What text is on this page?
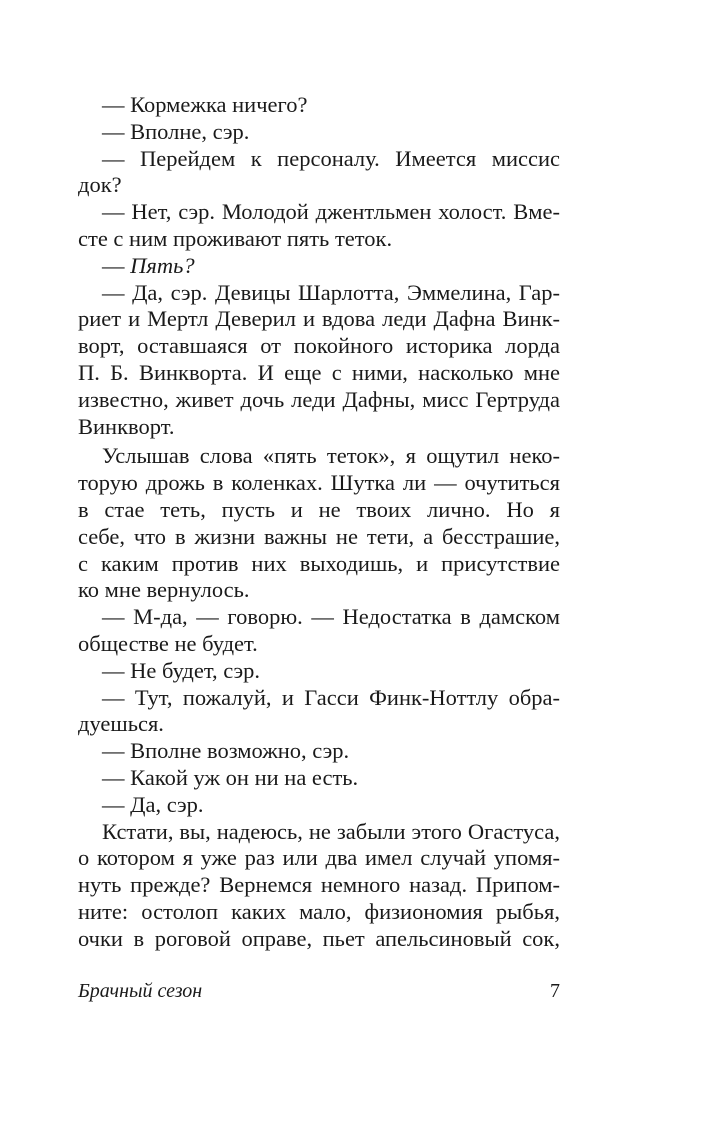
— Кормежка ничего?
— Вполне, сэр.
— Перейдем к персоналу. Имеется миссис
док?
— Нет, сэр. Молодой джентльмен холост. Вме-
сте с ним проживают пять теток.
— Пять?
— Да, сэр. Девицы Шарлотта, Эммелина, Гар-
риет и Мертл Деверил и вдова леди Дафна Винк-
ворт, оставшаяся от покойного историка лорда
П. Б. Винкворта. И еще с ними, насколько мне
известно, живет дочь леди Дафны, мисс Гертруда
Винкворт.
Услышав слова «пять теток», я ощутил неко-
торую дрожь в коленках. Шутка ли — очутиться
в стае теть, пусть и не твоих лично. Но я
себе, что в жизни важны не тети, а бесстрашие,
с каким против них выходишь, и присутствие
ко мне вернулось.
— М-да, — говорю. — Недостатка в дамском
обществе не будет.
— Не будет, сэр.
— Тут, пожалуй, и Гасси Финк-Ноттлу обра-
дуешься.
— Вполне возможно, сэр.
— Какой уж он ни на есть.
— Да, сэр.
Кстати, вы, надеюсь, не забыли этого Огастуса,
о котором я уже раз или два имел случай упомя-
нуть прежде? Вернемся немного назад. Припом-
ните: остолоп каких мало, физиономия рыбья,
очки в роговой оправе, пьет апельсиновый сок,
Брачный сезон	7
